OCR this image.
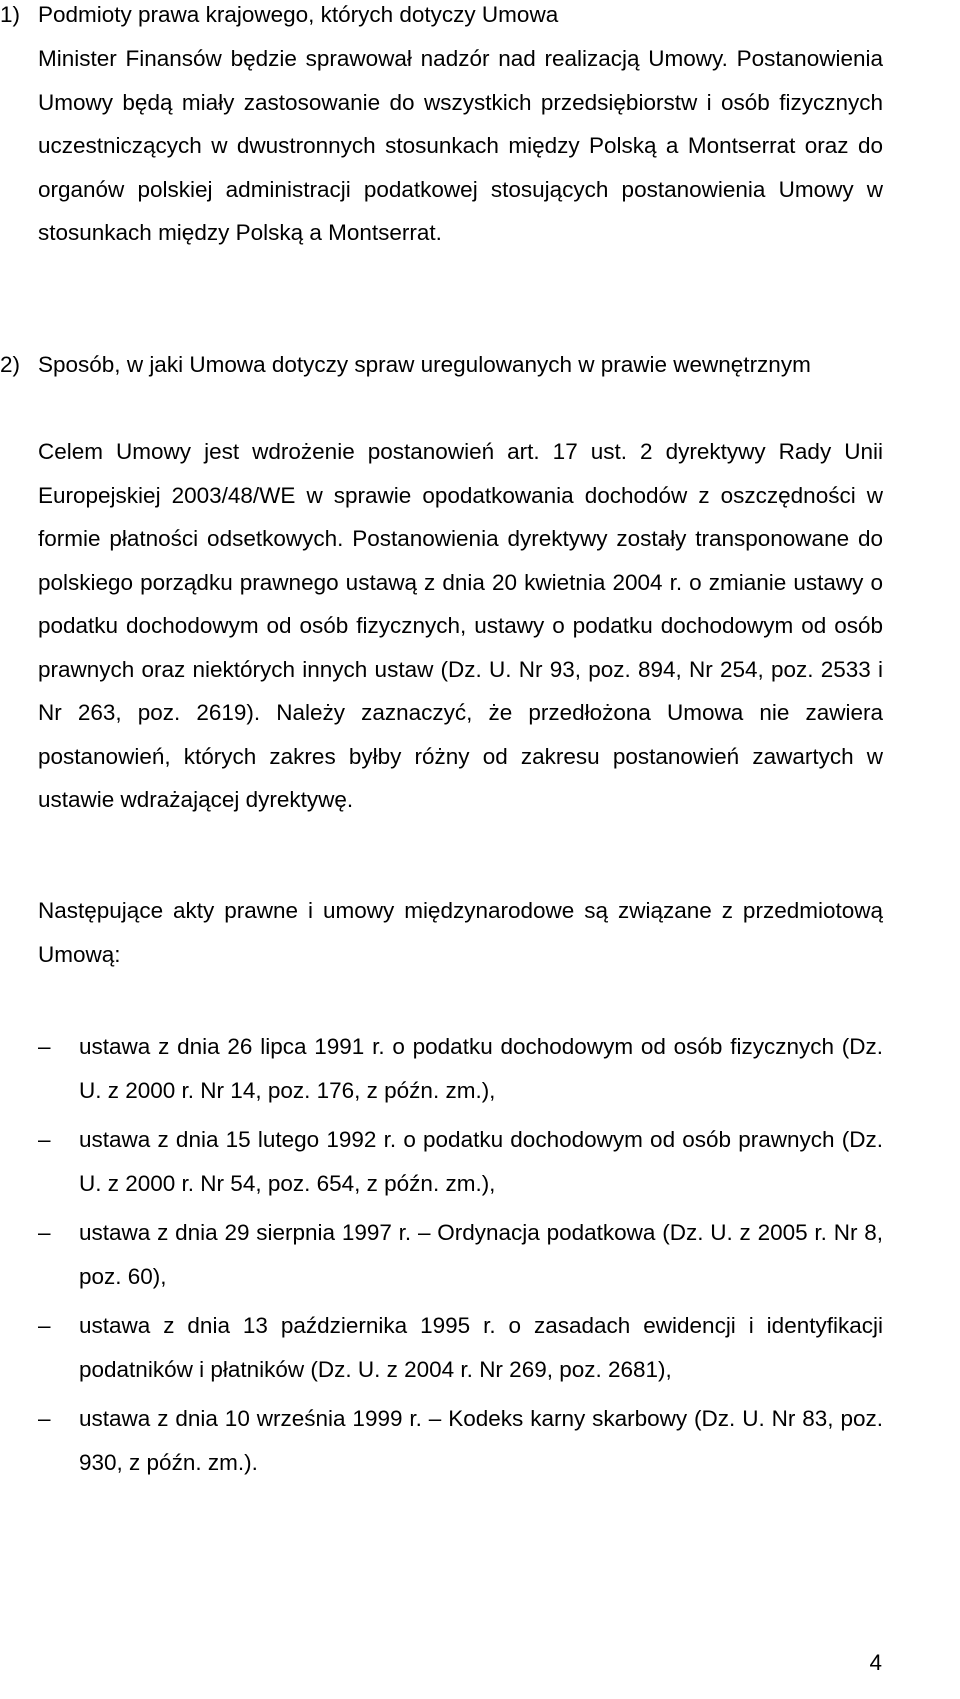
1) Podmioty prawa krajowego, których dotyczy Umowa

Minister Finansów będzie sprawował nadzór nad realizacją Umowy. Postanowienia Umowy będą miały zastosowanie do wszystkich przedsiębiorstw i osób fizycznych uczestniczących w dwustronnych stosunkach między Polską a Montserrat oraz do organów polskiej administracji podatkowej stosujących postanowienia Umowy w stosunkach między Polską a Montserrat.

2) Sposób, w jaki Umowa dotyczy spraw uregulowanych w prawie wewnętrznym

Celem Umowy jest wdrożenie postanowień art. 17 ust. 2 dyrektywy Rady Unii Europejskiej 2003/48/WE w sprawie opodatkowania dochodów z oszczędności w formie płatności odsetkowych. Postanowienia dyrektywy zostały transponowane do polskiego porządku prawnego ustawą z dnia 20 kwietnia 2004 r. o zmianie ustawy o podatku dochodowym od osób fizycznych, ustawy o podatku dochodowym od osób prawnych oraz niektórych innych ustaw (Dz. U. Nr 93, poz. 894, Nr 254, poz. 2533 i Nr 263, poz. 2619). Należy zaznaczyć, że przedłożona Umowa nie zawiera postanowień, których zakres byłby różny od zakresu postanowień zawartych w ustawie wdrażającej dyrektywę.

Następujące akty prawne i umowy międzynarodowe są związane z przedmiotową Umową:

– ustawa z dnia 26 lipca 1991 r. o podatku dochodowym od osób fizycznych (Dz. U. z 2000 r. Nr 14, poz. 176, z późn. zm.),
– ustawa z dnia 15 lutego 1992 r. o podatku dochodowym od osób prawnych (Dz. U. z 2000 r. Nr 54, poz. 654, z późn. zm.),
– ustawa z dnia 29 sierpnia 1997 r. – Ordynacja podatkowa (Dz. U. z 2005 r. Nr 8, poz. 60),
– ustawa z dnia 13 października 1995 r. o zasadach ewidencji i identyfikacji podatników i płatników (Dz. U. z 2004 r. Nr 269, poz. 2681),
– ustawa z dnia 10 września 1999 r. – Kodeks karny skarbowy (Dz. U. Nr 83, poz. 930, z późn. zm.).
4
